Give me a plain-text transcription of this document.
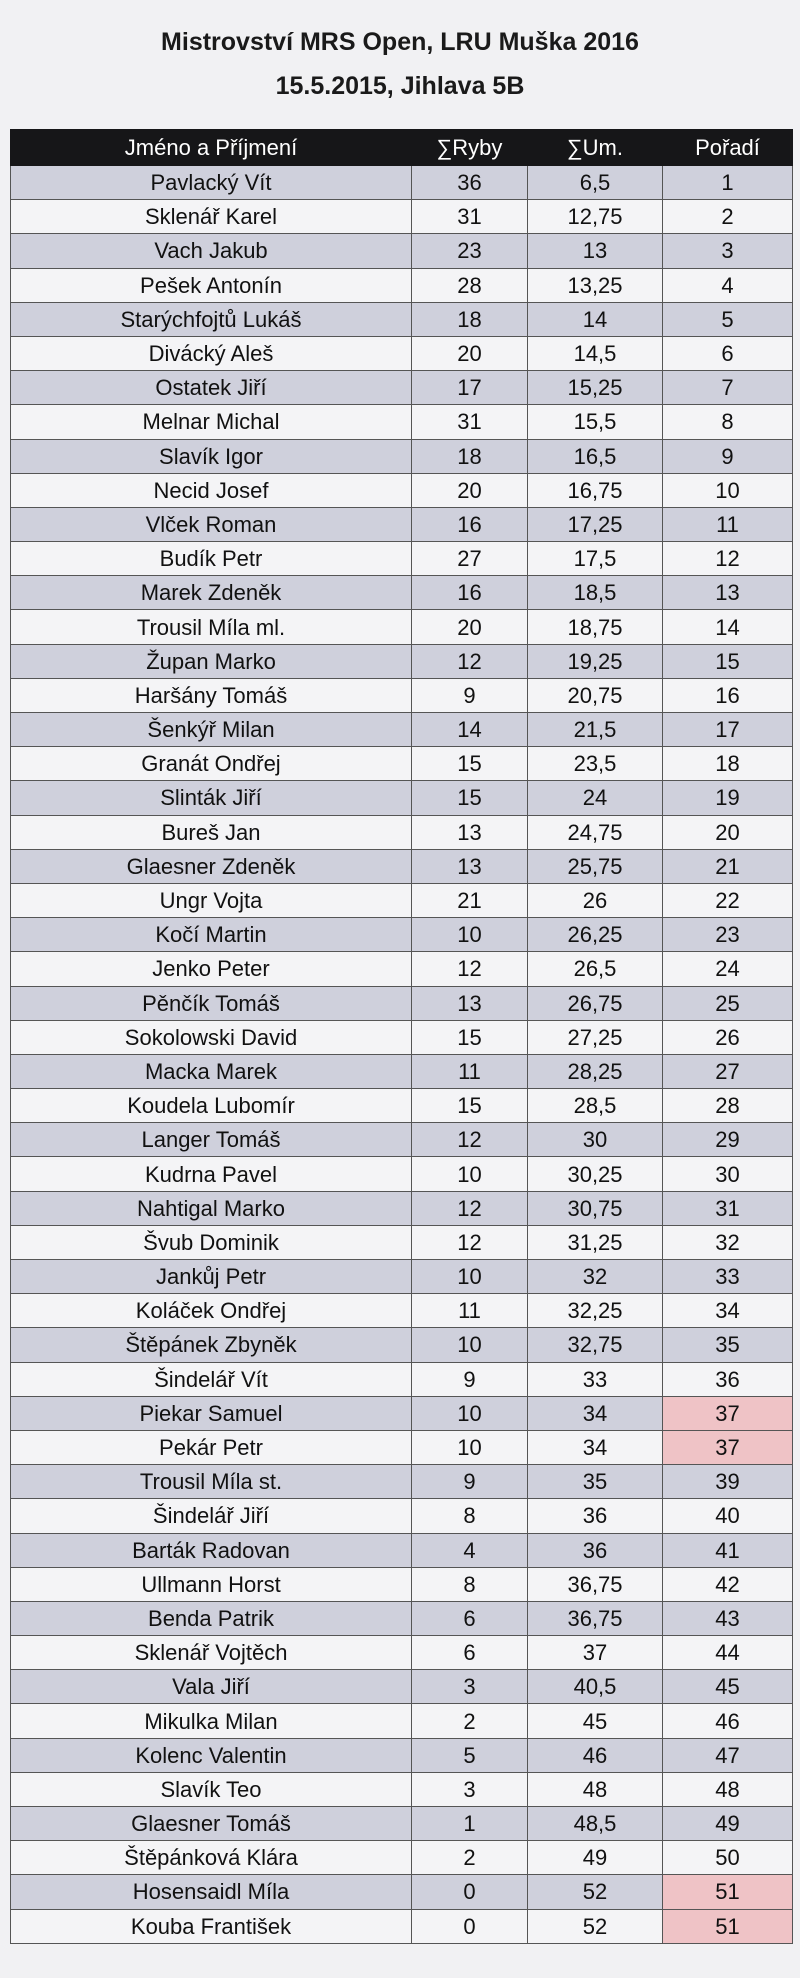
Mistrovství MRS Open, LRU Muška 2016
15.5.2015, Jihlava 5B
Jméno a Příjmení	∑Ryby	∑Um.	Pořadí
Pavlacký Vít	36	6,5	1
Sklenář Karel	31	12,75	2
Vach Jakub	23	13	3
Pešek Antonín	28	13,25	4
Starýchfojtů Lukáš	18	14	5
Divácký Aleš	20	14,5	6
Ostatek Jiří	17	15,25	7
Melnar Michal	31	15,5	8
Slavík Igor	18	16,5	9
Necid Josef	20	16,75	10
Vlček Roman	16	17,25	11
Budík Petr	27	17,5	12
Marek Zdeněk	16	18,5	13
Trousil Míla ml.	20	18,75	14
Župan Marko	12	19,25	15
Haršány Tomáš	9	20,75	16
Šenkýř Milan	14	21,5	17
Granát Ondřej	15	23,5	18
Slinták Jiří	15	24	19
Bureš Jan	13	24,75	20
Glaesner Zdeněk	13	25,75	21
Ungr Vojta	21	26	22
Kočí Martin	10	26,25	23
Jenko Peter	12	26,5	24
Pěnčík Tomáš	13	26,75	25
Sokolowski David	15	27,25	26
Macka Marek	11	28,25	27
Koudela Lubomír	15	28,5	28
Langer Tomáš	12	30	29
Kudrna Pavel	10	30,25	30
Nahtigal Marko	12	30,75	31
Švub Dominik	12	31,25	32
Jankůj Petr	10	32	33
Koláček Ondřej	11	32,25	34
Štěpánek Zbyněk	10	32,75	35
Šindelář Vít	9	33	36
Piekar Samuel	10	34	37
Pekár Petr	10	34	37
Trousil Míla st.	9	35	39
Šindelář Jiří	8	36	40
Barták Radovan	4	36	41
Ullmann Horst	8	36,75	42
Benda Patrik	6	36,75	43
Sklenář Vojtěch	6	37	44
Vala Jiří	3	40,5	45
Mikulka Milan	2	45	46
Kolenc Valentin	5	46	47
Slavík Teo	3	48	48
Glaesner Tomáš	1	48,5	49
Štěpánková Klára	2	49	50
Hosensaidl Míla	0	52	51
Kouba František	0	52	51
